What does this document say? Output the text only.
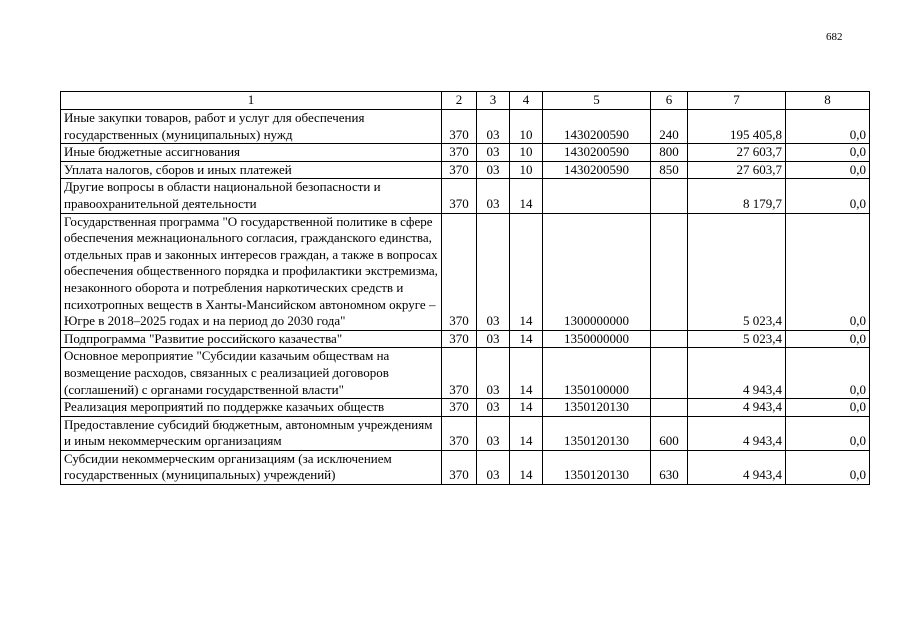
682
1	2	3	4	5	6	7	8
Иные закупки товаров, работ и услуг для обеспечения государственных (муниципальных) нужд	370	03	10	1430200590	240	195 405,8	0,0
Иные бюджетные ассигнования	370	03	10	1430200590	800	27 603,7	0,0
Уплата налогов, сборов и иных платежей	370	03	10	1430200590	850	27 603,7	0,0
Другие вопросы в области национальной безопасности и правоохранительной деятельности	370	03	14			8 179,7	0,0
Государственная программа "О государственной политике в сфере обеспечения межнационального согласия, гражданского единства, отдельных прав и законных интересов граждан, а также в вопросах обеспечения общественного порядка и профилактики экстремизма, незаконного оборота и потребления наркотических средств и психотропных веществ в Ханты-Мансийском автономном округе – Югре в 2018–2025 годах и на период до 2030 года"	370	03	14	1300000000		5 023,4	0,0
Подпрограмма "Развитие российского казачества"	370	03	14	1350000000		5 023,4	0,0
Основное мероприятие "Субсидии казачьим обществам на возмещение расходов, связанных с реализацией договоров (соглашений) с органами государственной власти"	370	03	14	1350100000		4 943,4	0,0
Реализация мероприятий по поддержке казачьих обществ	370	03	14	1350120130		4 943,4	0,0
Предоставление субсидий бюджетным, автономным учреждениям и иным некоммерческим организациям	370	03	14	1350120130	600	4 943,4	0,0
Субсидии некоммерческим организациям (за исключением государственных (муниципальных) учреждений)	370	03	14	1350120130	630	4 943,4	0,0
